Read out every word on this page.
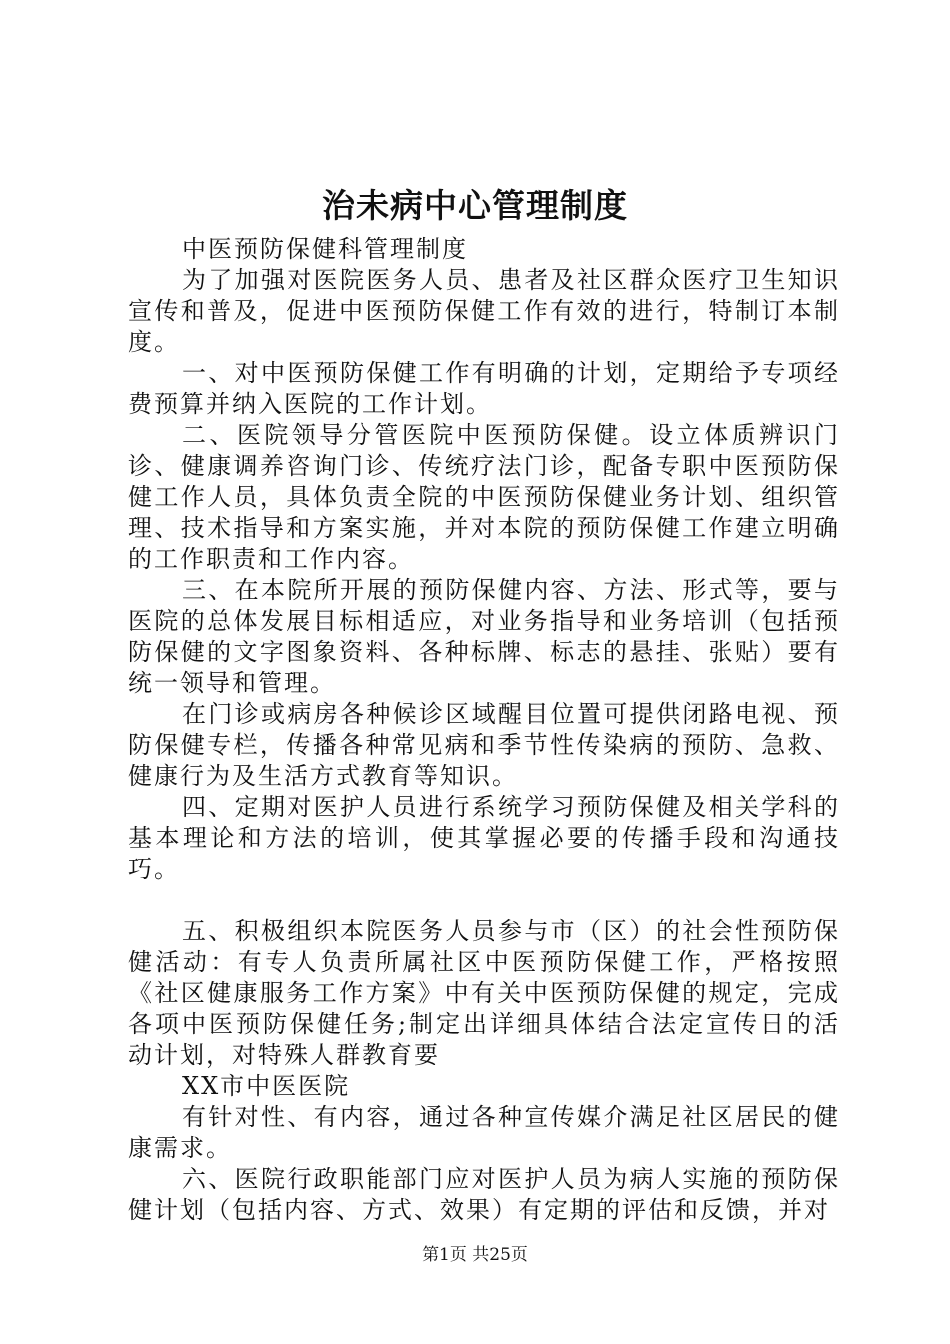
治未病中心管理制度

中医预防保健科管理制度

为了加强对医院医务人员、患者及社区群众医疗卫生知识宣传和普及，促进中医预防保健工作有效的进行，特制订本制度。

一、对中医预防保健工作有明确的计划，定期给予专项经费预算并纳入医院的工作计划。

二、医院领导分管医院中医预防保健。设立体质辨识门诊、健康调养咨询门诊、传统疗法门诊，配备专职中医预防保健工作人员，具体负责全院的中医预防保健业务计划、组织管理、技术指导和方案实施，并对本院的预防保健工作建立明确的工作职责和工作内容。

三、在本院所开展的预防保健内容、方法、形式等，要与医院的总体发展目标相适应，对业务指导和业务培训（包括预防保健的文字图象资料、各种标牌、标志的悬挂、张贴）要有统一领导和管理。

在门诊或病房各种候诊区域醒目位置可提供闭路电视、预防保健专栏，传播各种常见病和季节性传染病的预防、急救、健康行为及生活方式教育等知识。

四、定期对医护人员进行系统学习预防保健及相关学科的基本理论和方法的培训，使其掌握必要的传播手段和沟通技巧。

五、积极组织本院医务人员参与市（区）的社会性预防保健活动：有专人负责所属社区中医预防保健工作，严格按照《社区健康服务工作方案》中有关中医预防保健的规定，完成各项中医预防保健任务;制定出详细具体结合法定宣传日的活动计划，对特殊人群教育要

XX市中医医院

有针对性、有内容，通过各种宣传媒介满足社区居民的健康需求。

六、医院行政职能部门应对医护人员为病人实施的预防保健计划（包括内容、方式、效果）有定期的评估和反馈，并对

第1页 共25页
